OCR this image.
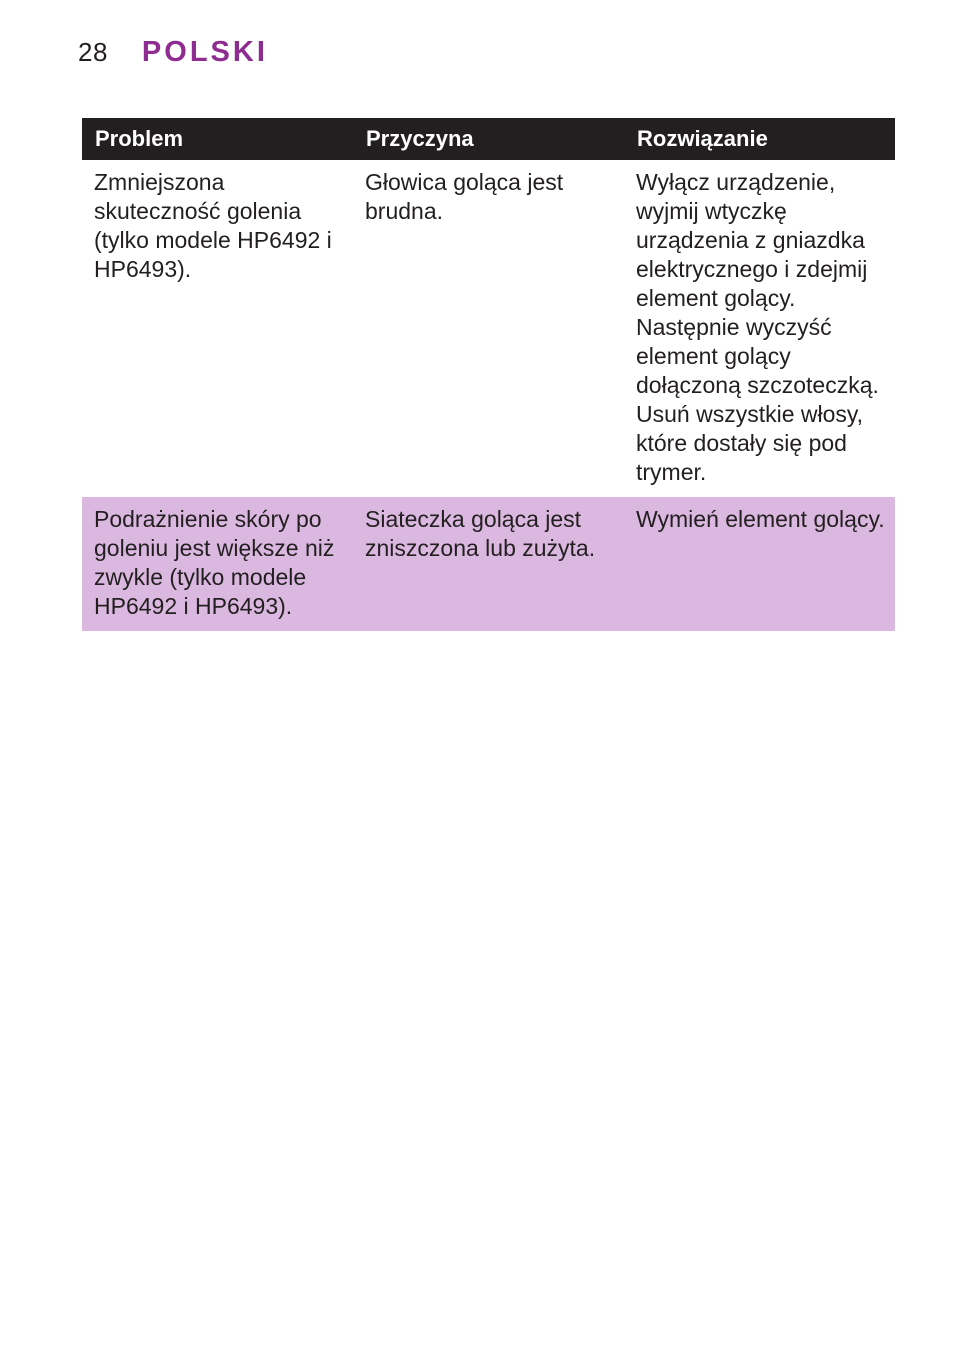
28 POLSKI
Problem	Przyczyna	Rozwiązanie
Zmniejszona skuteczność golenia (tylko modele HP6492 i HP6493).	Głowica goląca jest brudna.	Wyłącz urządzenie, wyjmij wtyczkę urządzenia z gniazdka elektrycznego i zdejmij element golący. Następnie wyczyść element golący dołączoną szczoteczką. Usuń wszystkie włosy, które dostały się pod trymer.
Podrażnienie skóry po goleniu jest większe niż zwykle (tylko modele HP6492 i HP6493).	Siateczka goląca jest zniszczona lub zużyta.	Wymień element golący.
